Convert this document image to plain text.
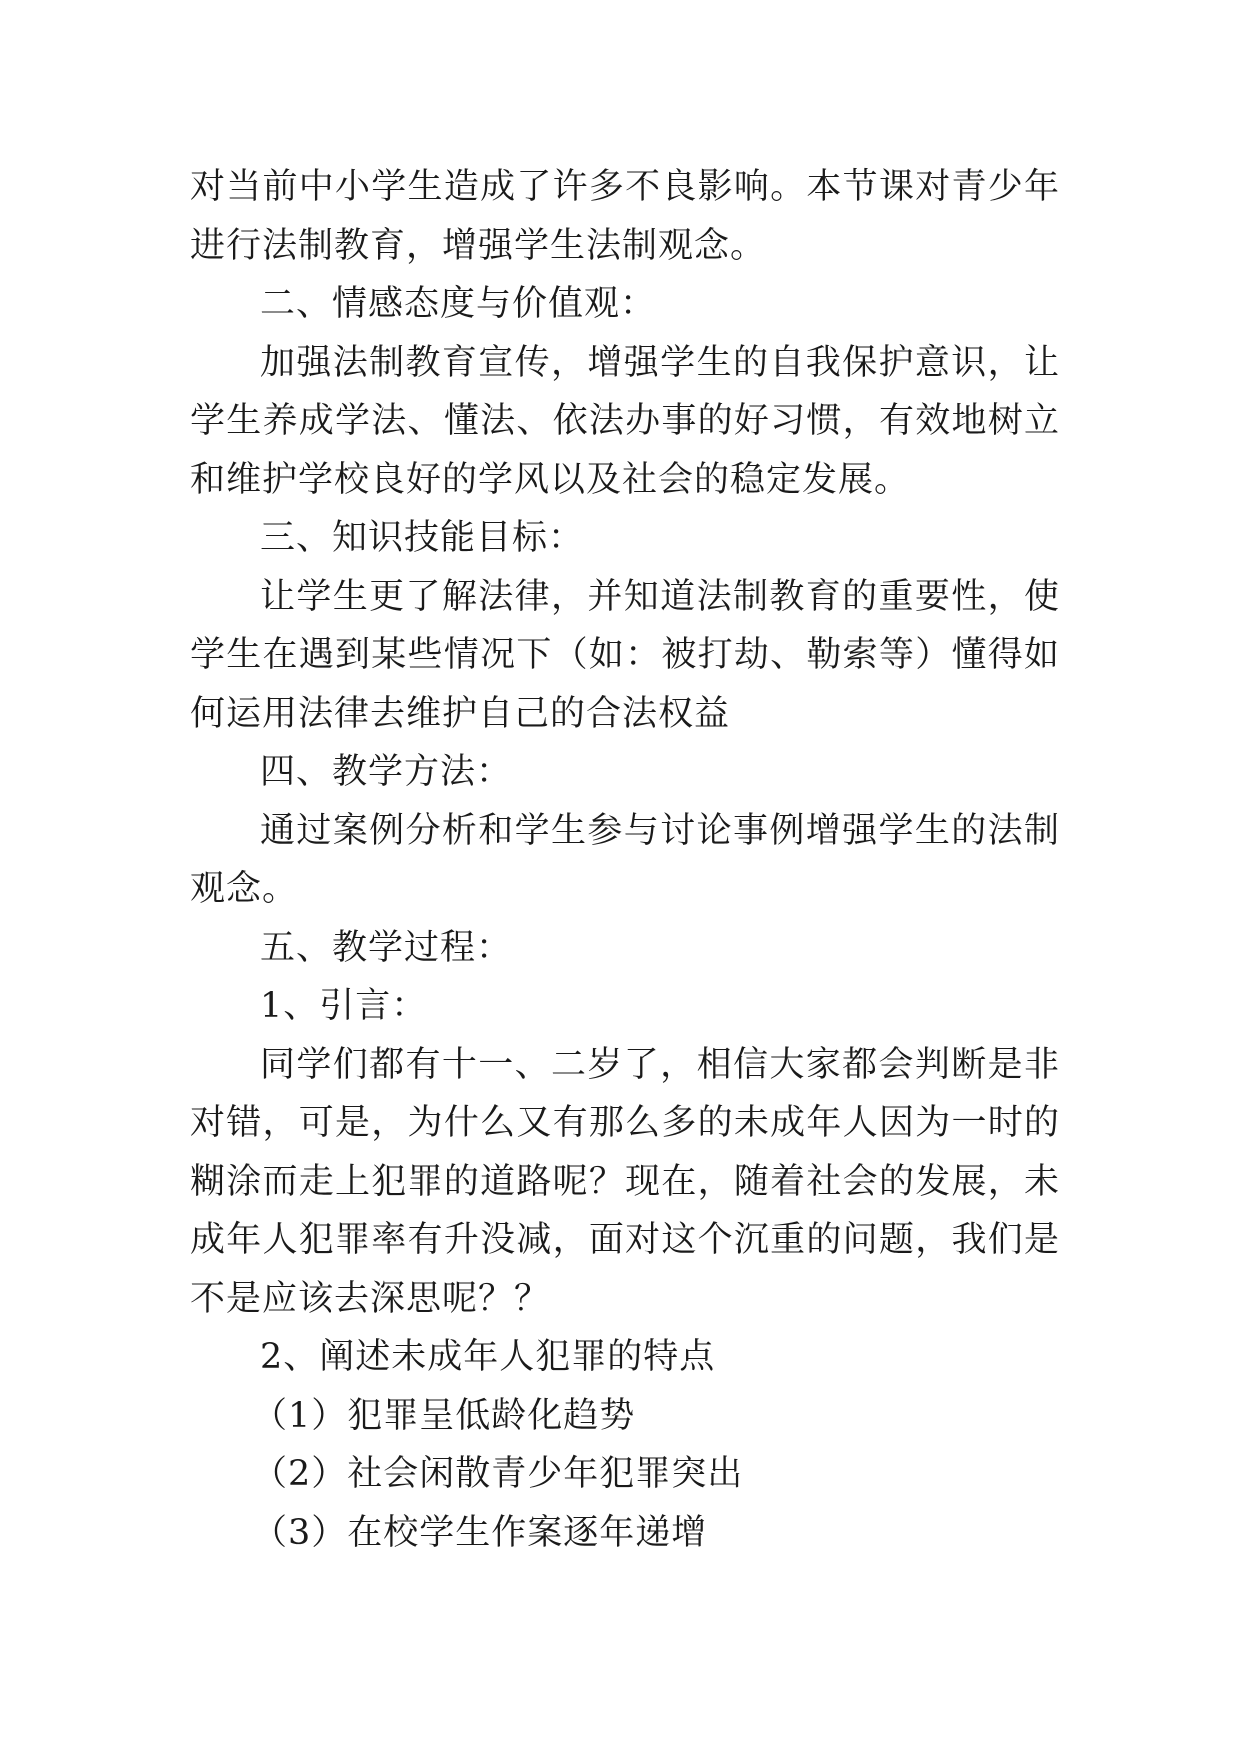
对当前中小学生造成了许多不良影响。本节课对青少年进行法制教育，增强学生法制观念。

二、情感态度与价值观：

加强法制教育宣传，增强学生的自我保护意识，让学生养成学法、懂法、依法办事的好习惯，有效地树立和维护学校良好的学风以及社会的稳定发展。

三、知识技能目标：

让学生更了解法律，并知道法制教育的重要性，使学生在遇到某些情况下（如：被打劫、勒索等）懂得如何运用法律去维护自己的合法权益

四、教学方法：

通过案例分析和学生参与讨论事例增强学生的法制观念。

五、教学过程：

1、引言：

同学们都有十一、二岁了，相信大家都会判断是非对错，可是，为什么又有那么多的未成年人因为一时的糊涂而走上犯罪的道路呢？现在，随着社会的发展，未成年人犯罪率有升没减，面对这个沉重的问题，我们是不是应该去深思呢？？

2、阐述未成年人犯罪的特点

（1）犯罪呈低龄化趋势

（2）社会闲散青少年犯罪突出

（3）在校学生作案逐年递增
